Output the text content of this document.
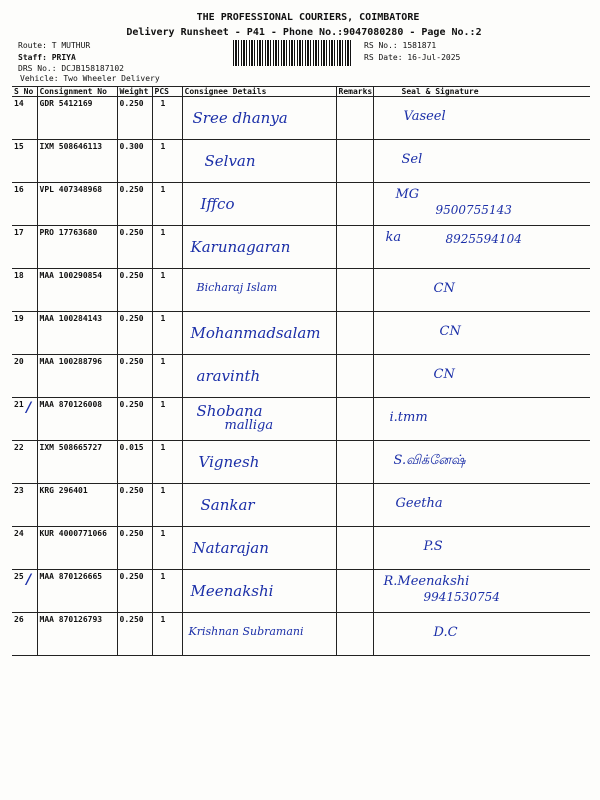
THE PROFESSIONAL COURIERS, COIMBATORE
Delivery Runsheet - P41 - Phone No.:9047080280 - Page No.:2
Route: T MUTHUR
Staff: PRIYA
DRS No.: DCJB158187102
Vehicle: Two Wheeler Delivery
RS No.: 1581871
RS Date: 16-Jul-2025
S No	Consignment No	Weight	PCS	Consignee Details	Remarks	Seal & Signature
14	GDR 5412169	0.250	1	Sree dhanya		Vaseel

15	IXM 508646113	0.300	1	Selvan		Sel

16	VPL 407348968	0.250	1	Iffco		MG
9500755143

17	PRO 17763680	0.250	1	Karunagaran		ka 8925594104

18	MAA 100290854	0.250	1	Bicharaj Islam		CN

19	MAA 100284143	0.250	1	Mohanmadsalam		CN

20	MAA 100288796	0.250	1	aravinth		CN

21 /	MAA 870126008	0.250	1	Shobana
malliga		i.tmm

22	IXM 508665727	0.015	1	Vignesh		S.விக்னேஷ்

23	KRG 296401	0.250	1	Sankar		Geetha

24	KUR 4000771066	0.250	1	Natarajan		P.S

25 /	MAA 870126665	0.250	1	Meenakshi		R.Meenakshi
9941530754

26	MAA 870126793	0.250	1	Krishnan Subramani		D.C
